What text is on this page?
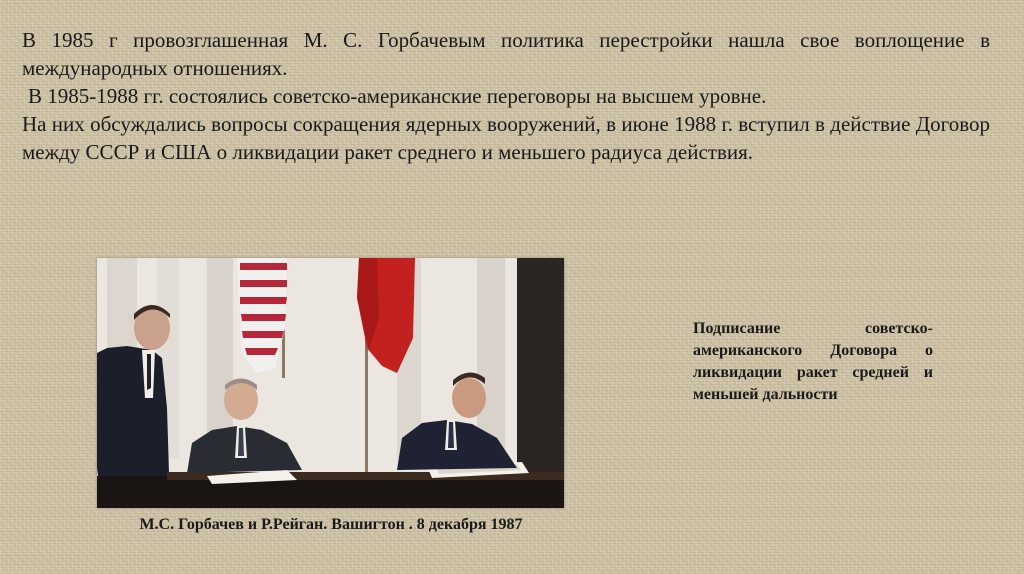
В 1985 г провозглашенная М. С. Горбачевым политика перестройки нашла свое воплощение в международных отношениях.

В 1985-1988 гг. состоялись советско-американские переговоры на высшем уровне.

На них обсуждались вопросы сокращения ядерных вооружений, в июне 1988 г. вступил в действие Договор между СССР и США о ликвидации ракет среднего и меньшего радиуса действия.

М.С. Горбачев и Р.Рейган. Вашигтон . 8 декабря 1987
Подписание советско-американского Договора о ликвидации ракет средней и меньшей дальности
